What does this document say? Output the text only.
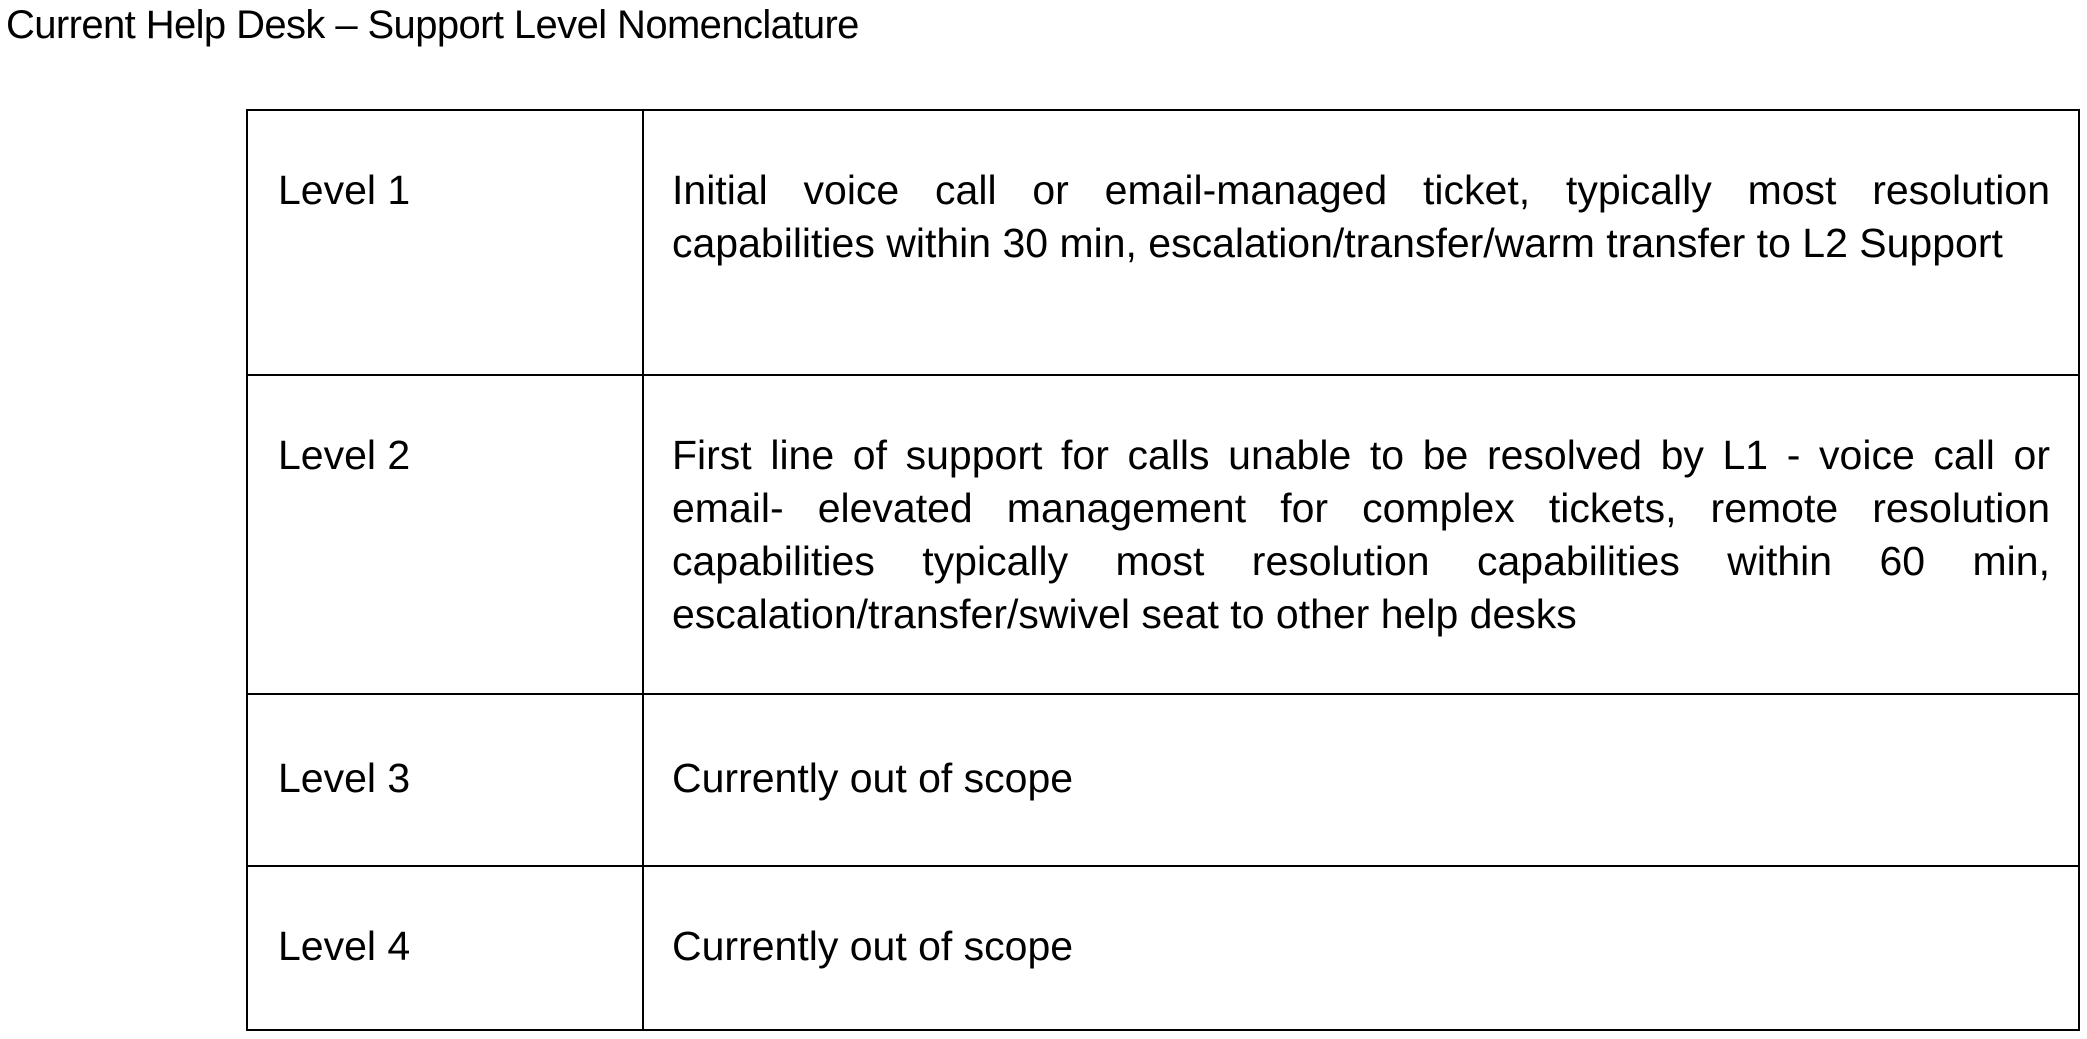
Current Help Desk – Support Level Nomenclature
Level 1	Initial voice call or email-managed ticket, typically most resolution capabilities within 30 min, escalation/transfer/warm transfer to L2 Support

Level 2	First line of support for calls unable to be resolved by L1 - voice call or email- elevated management for complex tickets, remote resolution capabilities typically most resolution capabilities within 60 min, escalation/transfer/swivel seat to other help desks

Level 3	Currently out of scope

Level 4	Currently out of scope
